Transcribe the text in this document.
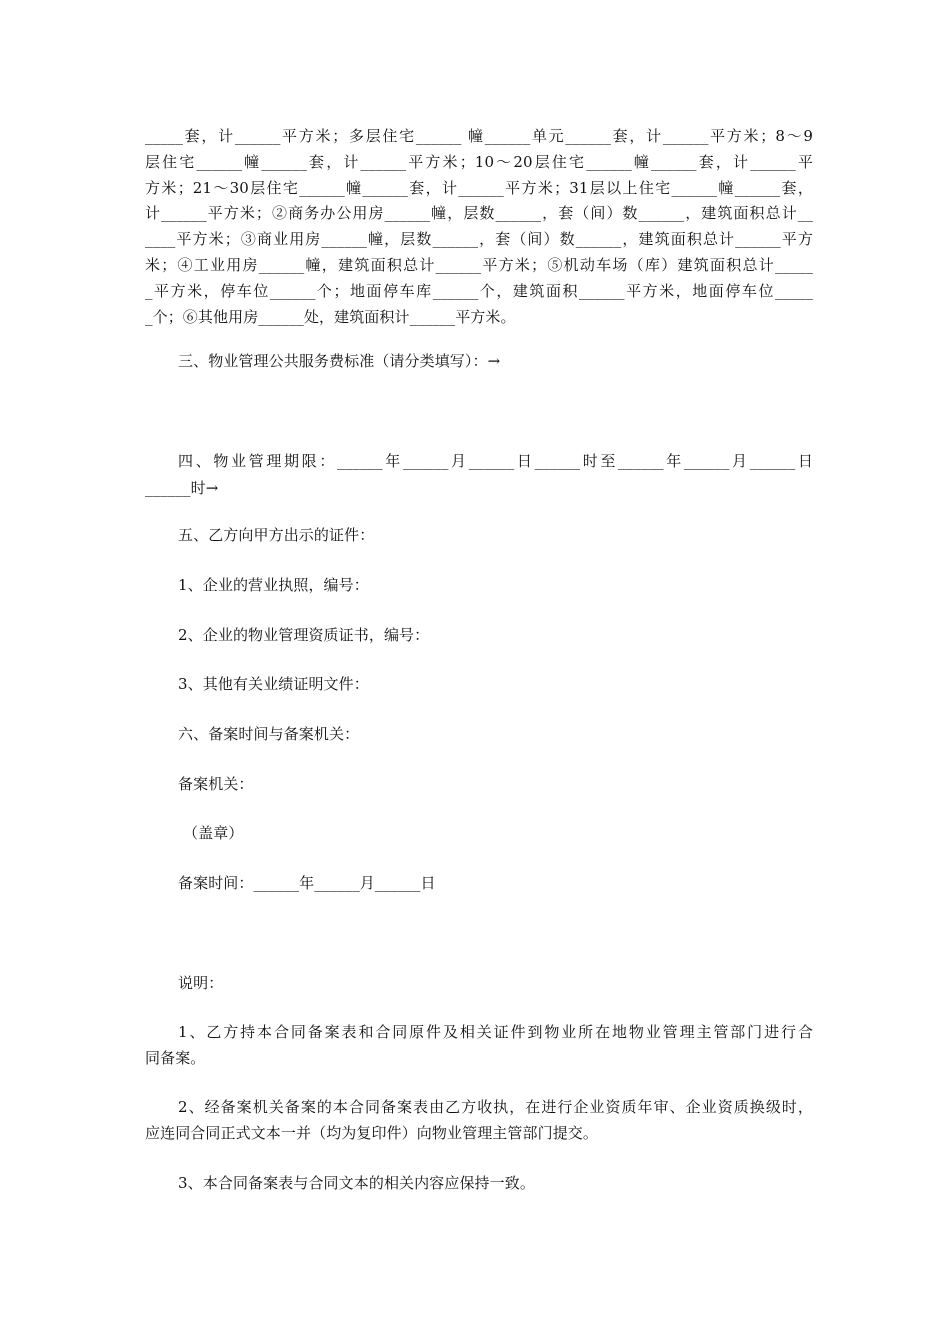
_____套，计______平方米；多层住宅______ 幢______单元______套，计______平方米；8～9
层住宅______幢______套，计______平方米；10～20层住宅______幢______套，计______平
方米；21～30层住宅______幢______套，计______平方米；31层以上住宅______幢______套，
计______平方米；②商务办公用房______幢，层数______，套（间）数______，建筑面积总计__
____平方米；③商业用房______幢，层数______，套（间）数______，建筑面积总计______平方
米；④工业用房______幢，建筑面积总计______平方米；⑤机动车场（库）建筑面积总计_____
_平方米，停车位______个；地面停车库______个，建筑面积______平方米，地面停车位_____
_个；⑥其他用房______处，建筑面积计______平方米。
三、物业管理公共服务费标准（请分类填写）：→
四、物业管理期限：______年______月______日______时至______年______月______日
______时→
五、乙方向甲方出示的证件：
1、企业的营业执照，编号：
2、企业的物业管理资质证书，编号：
3、其他有关业绩证明文件：
六、备案时间与备案机关：
备案机关：
（盖章）
备案时间：______年______月______日
说明：
1、乙方持本合同备案表和合同原件及相关证件到物业所在地物业管理主管部门进行合
同备案。
2、经备案机关备案的本合同备案表由乙方收执，在进行企业资质年审、企业资质换级时，
应连同合同正式文本一并（均为复印件）向物业管理主管部门提交。
3、本合同备案表与合同文本的相关内容应保持一致。
